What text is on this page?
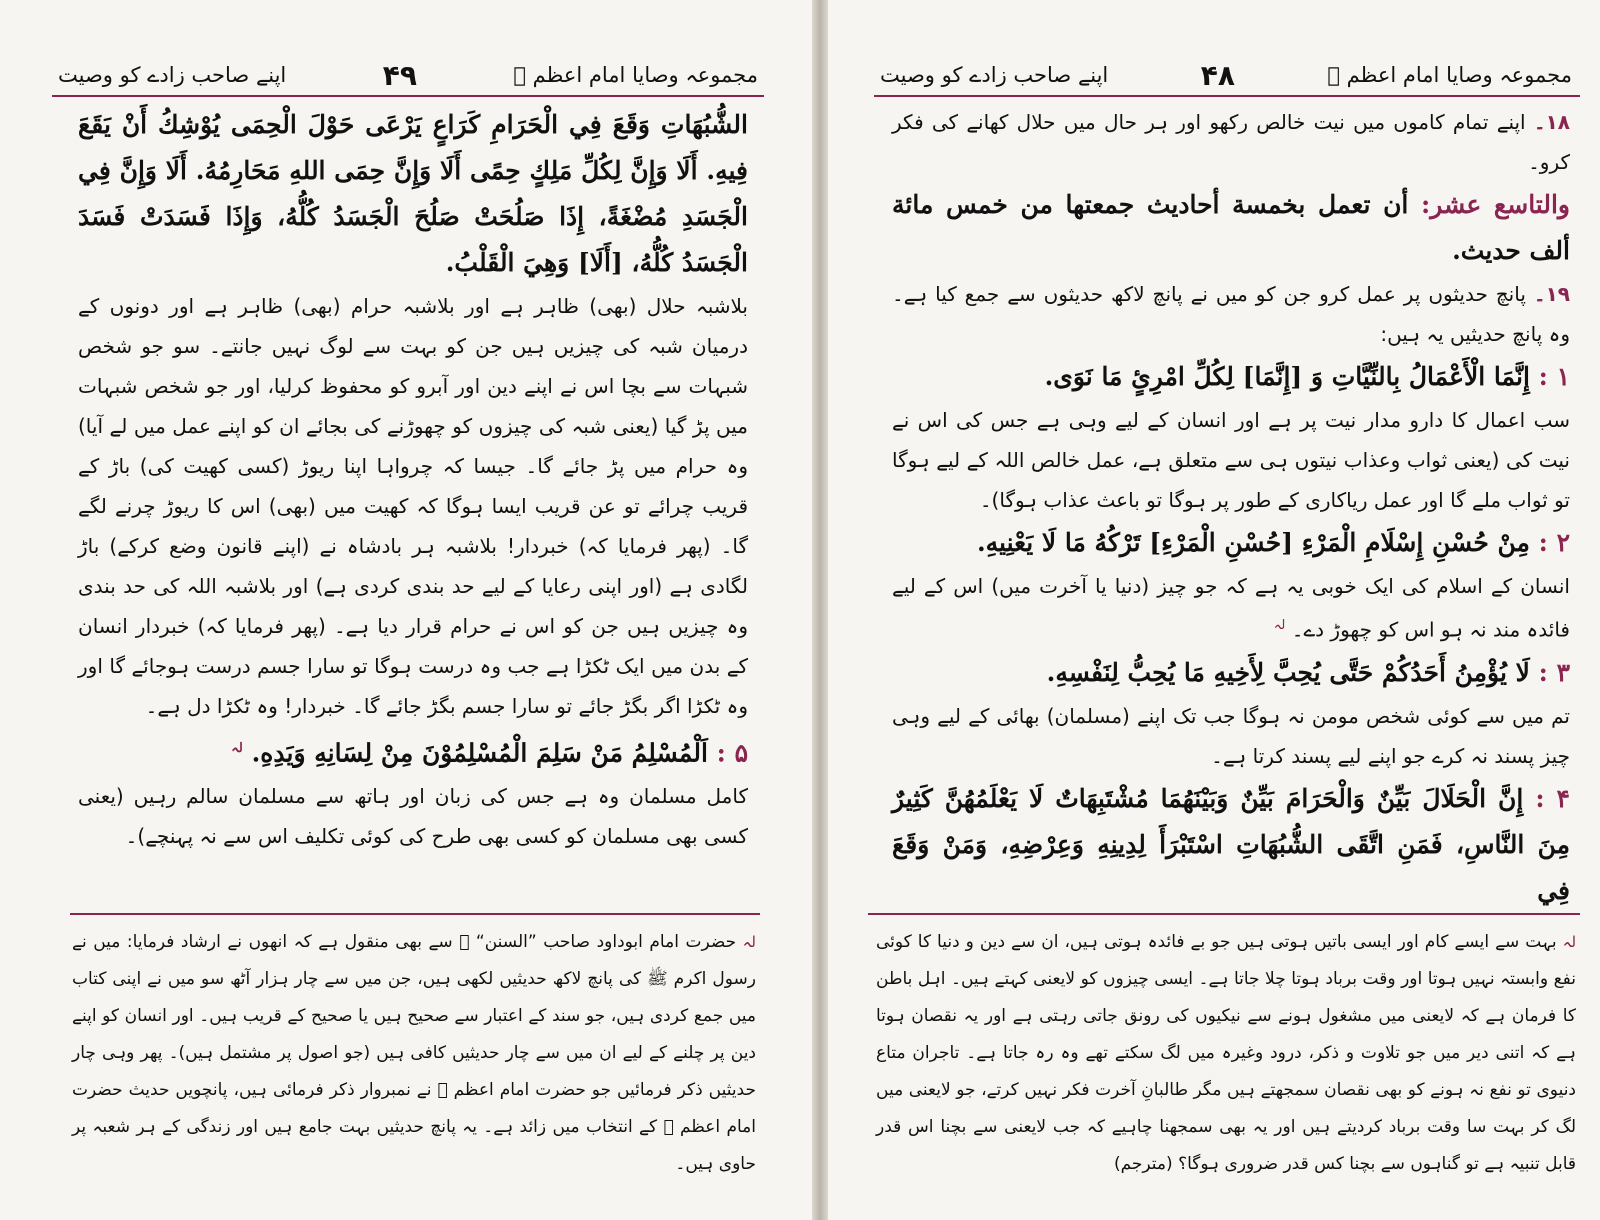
مجموعہ وصایا امام اعظم ﷫
۴۹
اپنے صاحب زادے کو وصیت

الشُّبُهَاتِ وَقَعَ فِي الْحَرَامِ كَرَاعٍ يَرْعَى حَوْلَ الْحِمَى يُوْشِكُ أَنْ يَقَعَ فِيهِ. أَلَا وَإِنَّ لِكُلِّ مَلِكٍ حِمًى أَلَا وَإِنَّ حِمَى اللهِ مَحَارِمُهُ. أَلَا وَإِنَّ فِي الْجَسَدِ مُضْغَةً، إِذَا صَلُحَتْ صَلُحَ الْجَسَدُ كُلُّهُ، وَإِذَا فَسَدَتْ فَسَدَ الْجَسَدُ كُلُّهُ، [أَلَا] وَهِيَ الْقَلْبُ.

بلاشبہ حلال (بھی) ظاہر ہے اور بلاشبہ حرام (بھی) ظاہر ہے اور دونوں کے درمیان شبہ کی چیزیں ہیں جن کو بہت سے لوگ نہیں جانتے۔ سو جو شخص شبہات سے بچا اس نے اپنے دین اور آبرو کو محفوظ کرلیا، اور جو شخص شبہات میں پڑ گیا (یعنی شبہ کی چیزوں کو چھوڑنے کی بجائے ان کو اپنے عمل میں لے آیا) وہ حرام میں پڑ جائے گا۔ جیسا کہ چرواہا اپنا ریوڑ (کسی کھیت کی) باڑ کے قریب چرائے تو عن قریب ایسا ہوگا کہ کھیت میں (بھی) اس کا ریوڑ چرنے لگے گا۔ (پھر فرمایا کہ) خبردار! بلاشبہ ہر بادشاہ نے (اپنے قانون وضع کرکے) باڑ لگادی ہے (اور اپنی رعایا کے لیے حد بندی کردی ہے) اور بلاشبہ اللہ کی حد بندی وہ چیزیں ہیں جن کو اس نے حرام قرار دیا ہے۔ (پھر فرمایا کہ) خبردار انسان کے بدن میں ایک ٹکڑا ہے جب وہ درست ہوگا تو سارا جسم درست ہوجائے گا اور وہ ٹکڑا اگر بگڑ جائے تو سارا جسم بگڑ جائے گا۔ خبردار! وہ ٹکڑا دل ہے۔

۵ : اَلْمُسْلِمُ مَنْ سَلِمَ الْمُسْلِمُوْنَ مِنْ لِسَانِهِ وَيَدِهِ. $^{لہ}$

کامل مسلمان وہ ہے جس کی زبان اور ہاتھ سے مسلمان سالم رہیں (یعنی کسی بھی مسلمان کو کسی بھی طرح کی کوئی تکلیف اس سے نہ پہنچے)۔

لہ حضرت امام ابوداود صاحب ”السنن“ ﷫ سے بھی منقول ہے کہ انھوں نے ارشاد فرمایا: میں نے رسول اکرم ﷺ کی پانچ لاکھ حدیثیں لکھی ہیں، جن میں سے چار ہزار آٹھ سو میں نے اپنی کتاب میں جمع کردی ہیں، جو سند کے اعتبار سے صحیح ہیں یا صحیح کے قریب ہیں۔ اور انسان کو اپنے دین پر چلنے کے لیے ان میں سے چار حدیثیں کافی ہیں (جو اصول پر مشتمل ہیں)۔ پھر وہی چار حدیثیں ذکر فرمائیں جو حضرت امام اعظم ﷫ نے نمبروار ذکر فرمائی ہیں، پانچویں حدیث حضرت امام اعظم ﷫ کے انتخاب میں زائد ہے۔ یہ پانچ حدیثیں بہت جامع ہیں اور زندگی کے ہر شعبہ پر حاوی ہیں۔

مجموعہ وصایا امام اعظم ﷫
۴۸
اپنے صاحب زادے کو وصیت

۱۸۔ اپنے تمام کاموں میں نیت خالص رکھو اور ہر حال میں حلال کھانے کی فکر کرو۔

والتاسع عشر: أن تعمل بخمسة أحاديث جمعتها من خمس مائة ألف حديث.

۱۹۔ پانچ حدیثوں پر عمل کرو جن کو میں نے پانچ لاکھ حدیثوں سے جمع کیا ہے۔ وہ پانچ حدیثیں یہ ہیں:

۱ : إِنَّمَا الْأَعْمَالُ بِالنِّيَّاتِ وَ [إِنَّمَا] لِكُلِّ امْرِئٍ مَا نَوَى.

سب اعمال کا دارو مدار نیت پر ہے اور انسان کے لیے وہی ہے جس کی اس نے نیت کی (یعنی ثواب وعذاب نیتوں ہی سے متعلق ہے، عمل خالص اللہ کے لیے ہوگا تو ثواب ملے گا اور عمل ریاکاری کے طور پر ہوگا تو باعث عذاب ہوگا)۔

۲ : مِنْ حُسْنِ إِسْلَامِ الْمَرْءِ [حُسْنِ الْمَرْءِ] تَرْكُهُ مَا لَا يَعْنِيهِ.

انسان کے اسلام کی ایک خوبی یہ ہے کہ جو چیز (دنیا یا آخرت میں) اس کے لیے فائدہ مند نہ ہو اس کو چھوڑ دے۔ $^{لہ}$

۳ : لَا يُؤْمِنُ أَحَدُكُمْ حَتَّى يُحِبَّ لِأَخِيهِ مَا يُحِبُّ لِنَفْسِهِ.

تم میں سے کوئی شخص مومن نہ ہوگا جب تک اپنے (مسلمان) بھائی کے لیے وہی چیز پسند نہ کرے جو اپنے لیے پسند کرتا ہے۔

۴ : إِنَّ الْحَلَالَ بَيِّنٌ وَالْحَرَامَ بَيِّنٌ وَبَيْنَهُمَا مُشْتَبِهَاتٌ لَا يَعْلَمُهُنَّ كَثِيرٌ مِنَ النَّاسِ، فَمَنِ اتَّقَى الشُّبُهَاتِ اسْتَبْرَأَ لِدِينِهِ وَعِرْضِهِ، وَمَنْ وَقَعَ فِي

لہ بہت سے ایسے کام اور ایسی باتیں ہوتی ہیں جو بے فائدہ ہوتی ہیں، ان سے دین و دنیا کا کوئی نفع وابستہ نہیں ہوتا اور وقت برباد ہوتا چلا جاتا ہے۔ ایسی چیزوں کو لایعنی کہتے ہیں۔ اہل باطن کا فرمان ہے کہ لایعنی میں مشغول ہونے سے نیکیوں کی رونق جاتی رہتی ہے اور یہ نقصان ہوتا ہے کہ اتنی دیر میں جو تلاوت و ذکر، درود وغیرہ میں لگ سکتے تھے وہ رہ جاتا ہے۔ تاجران متاع دنیوی تو نفع نہ ہونے کو بھی نقصان سمجھتے ہیں مگر طالبانِ آخرت فکر نہیں کرتے، جو لایعنی میں لگ کر بہت سا وقت برباد کردیتے ہیں اور یہ بھی سمجھنا چاہیے کہ جب لایعنی سے بچنا اس قدر قابل تنبیہ ہے تو گناہوں سے بچنا کس قدر ضروری ہوگا؟ (مترجم)
